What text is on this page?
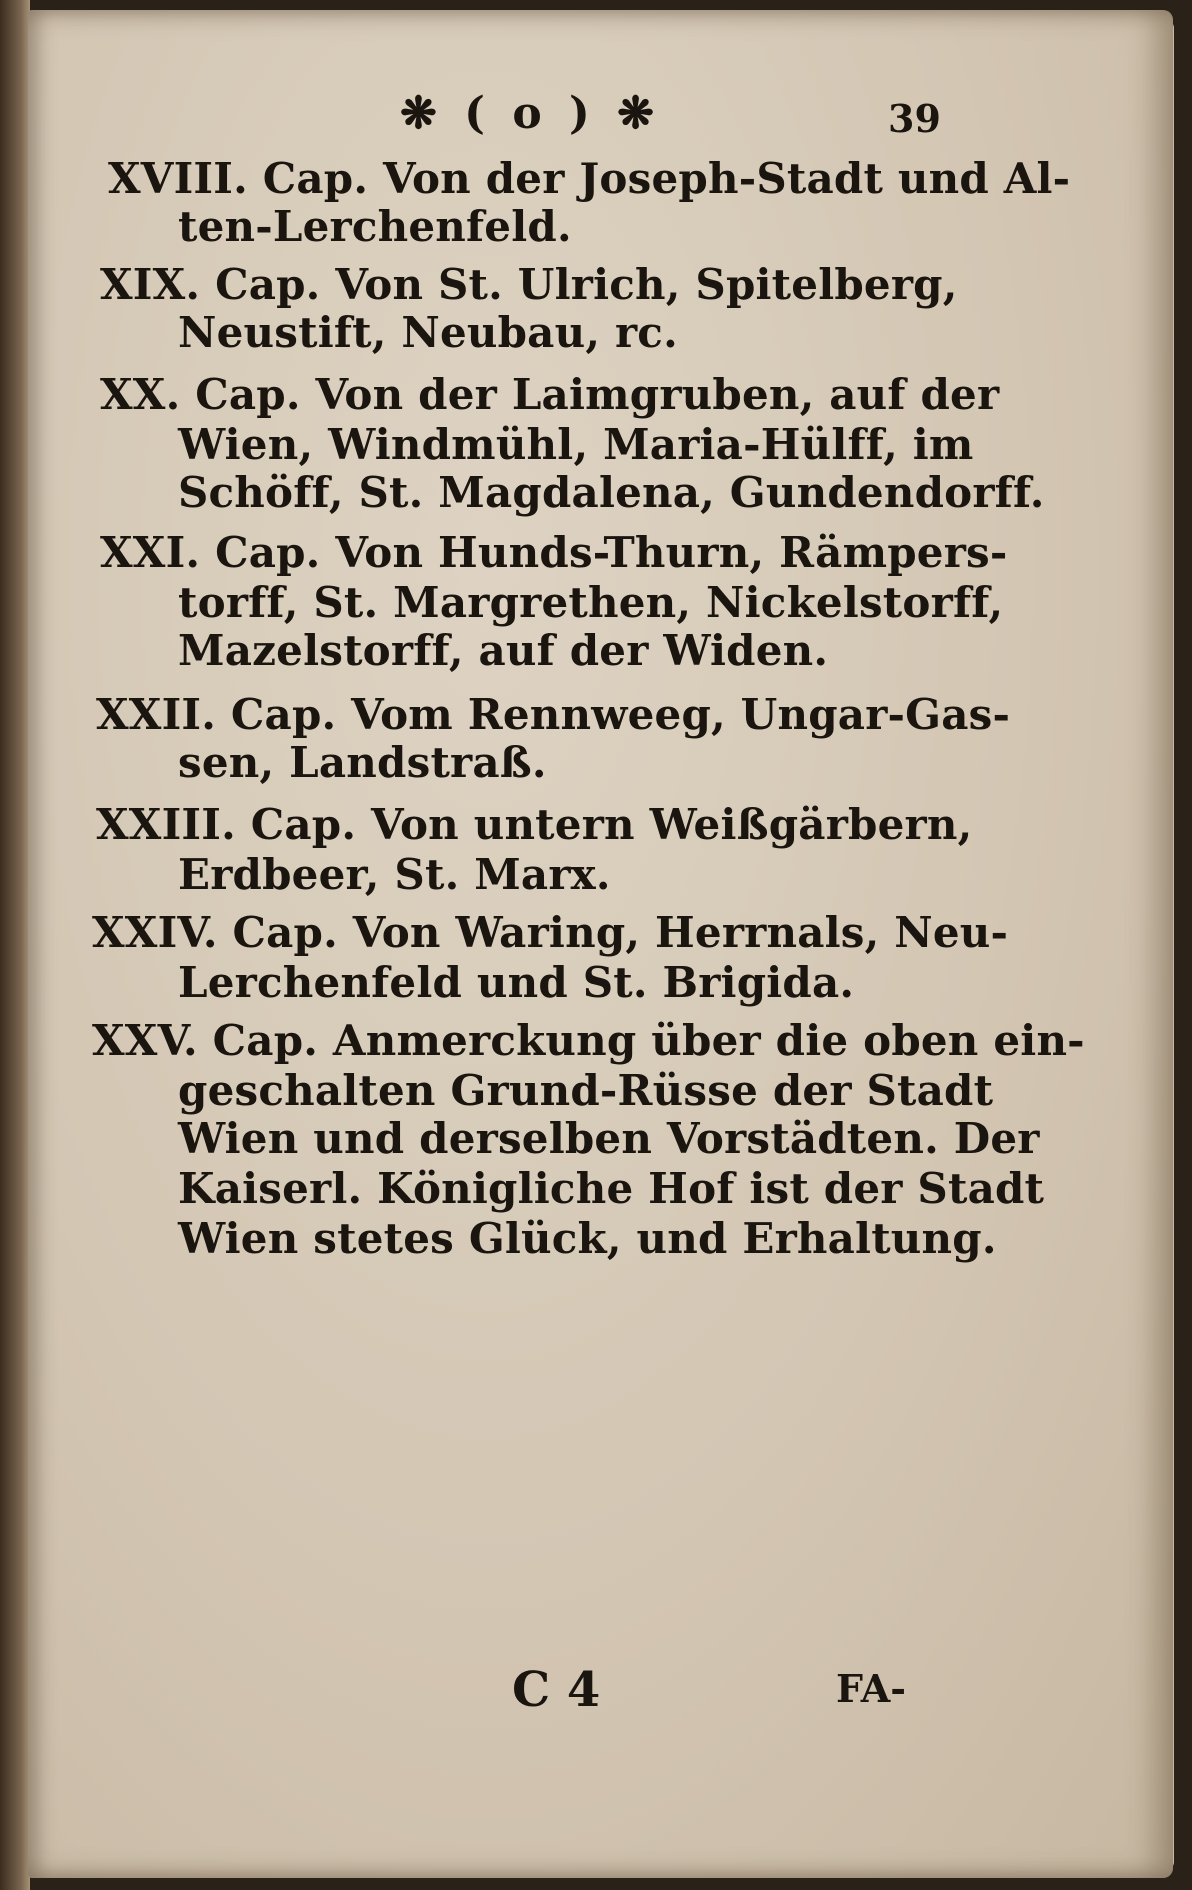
❋ ( o ) ❋	39
XVIII. Cap. Von der Joseph-Stadt und Al-
ten-Lerchenfeld.
XIX. Cap. Von St. Ulrich, Spitelberg,
Neustift, Neubau, rc.
XX. Cap. Von der Laimgruben, auf der
Wien, Windmühl, Maria-Hülff, im
Schöff, St. Magdalena, Gundendorff.
XXI. Cap. Von Hunds-Thurn, Rämpers-
torff, St. Margrethen, Nickelstorff,
Mazelstorff, auf der Widen.
XXII. Cap. Vom Rennweeg, Ungar-Gas-
sen, Landstraß.
XXIII. Cap. Von untern Weißgärbern,
Erdbeer, St. Marx.
XXIV. Cap. Von Waring, Herrnals, Neu-
Lerchenfeld und St. Brigida.
XXV. Cap. Anmerckung über die oben ein-
geschalten Grund-Rüsse der Stadt
Wien und derselben Vorstädten. Der
Kaiserl. Königliche Hof ist der Stadt
Wien stetes Glück, und Erhaltung.
C 4	FA-
